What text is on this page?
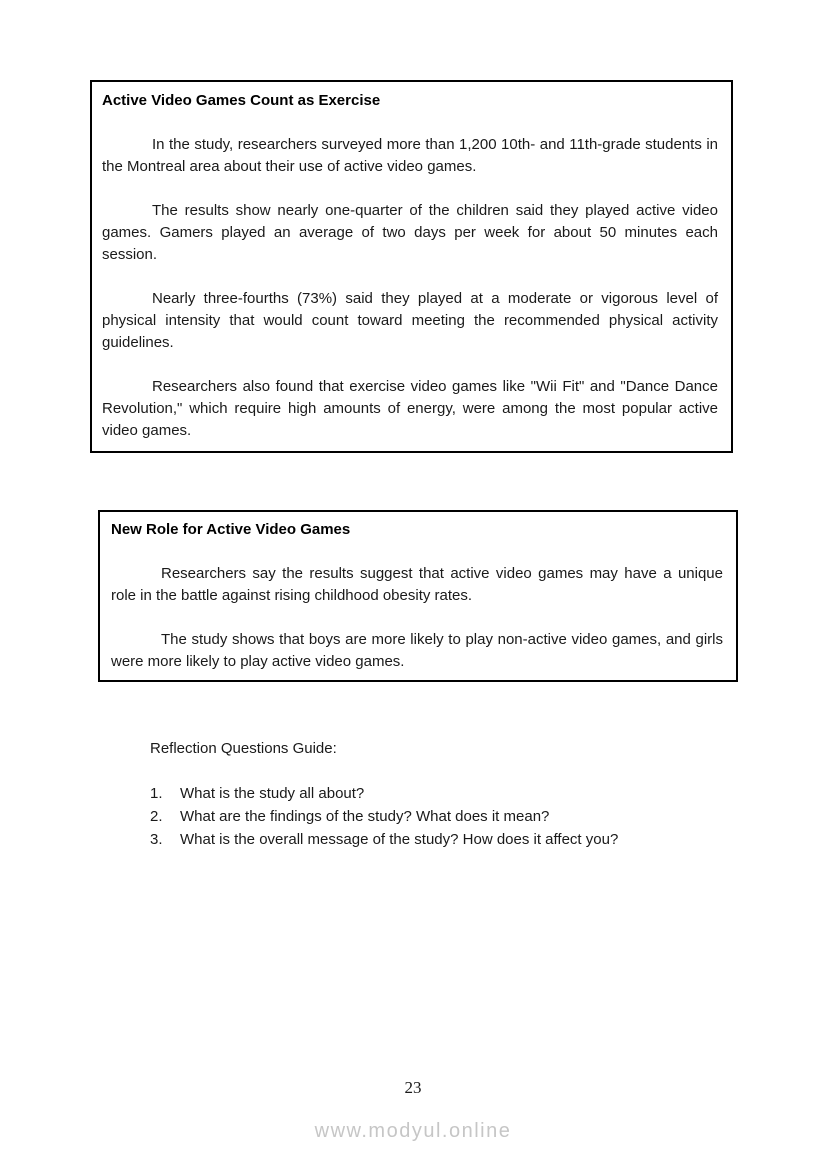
Active Video Games Count as Exercise

In the study, researchers surveyed more than 1,200 10th- and 11th-grade students in the Montreal area about their use of active video games.

The results show nearly one-quarter of the children said they played active video games. Gamers played an average of two days per week for about 50 minutes each session.

Nearly three-fourths (73%) said they played at a moderate or vigorous level of physical intensity that would count toward meeting the recommended physical activity guidelines.

Researchers also found that exercise video games like "Wii Fit" and "Dance Dance Revolution," which require high amounts of energy, were among the most popular active video games.

New Role for Active Video Games

Researchers say the results suggest that active video games may have a unique role in the battle against rising childhood obesity rates.

The study shows that boys are more likely to play non-active video games, and girls were more likely to play active video games.

Reflection Questions Guide:
1.	What is the study all about?
2.	What are the findings of the study? What does it mean?
3.	What is the overall message of the study? How does it affect you?
23
www.modyul.online
